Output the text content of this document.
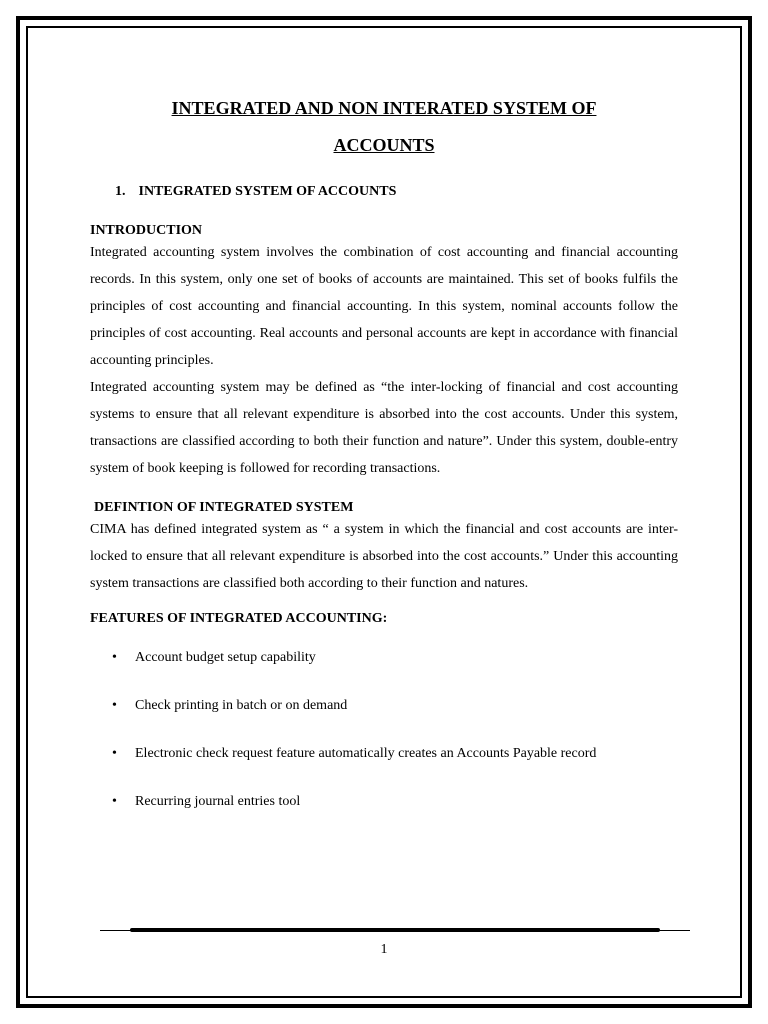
INTEGRATED AND NON INTERATED SYSTEM OF
ACCOUNTS
1. INTEGRATED SYSTEM OF ACCOUNTS
INTRODUCTION

Integrated accounting system involves the combination of cost accounting and financial accounting records. In this system, only one set of books of accounts are maintained. This set of books fulfils the principles of cost accounting and financial accounting. In this system, nominal accounts follow the principles of cost accounting. Real accounts and personal accounts are kept in accordance with financial accounting principles.

Integrated accounting system may be defined as “the inter-locking of financial and cost accounting systems to ensure that all relevant expenditure is absorbed into the cost accounts. Under this system, transactions are classified according to both their function and nature”. Under this system, double-entry system of book keeping is followed for recording transactions.

DEFINTION OF INTEGRATED SYSTEM

CIMA has defined integrated system as “ a system in which the financial and cost accounts are inter-locked to ensure that all relevant expenditure is absorbed into the cost accounts.” Under this accounting system transactions are classified both according to their function and natures.

FEATURES OF INTEGRATED ACCOUNTING:
• Account budget setup capability
• Check printing in batch or on demand
• Electronic check request feature automatically creates an Accounts Payable record
• Recurring journal entries tool
1
